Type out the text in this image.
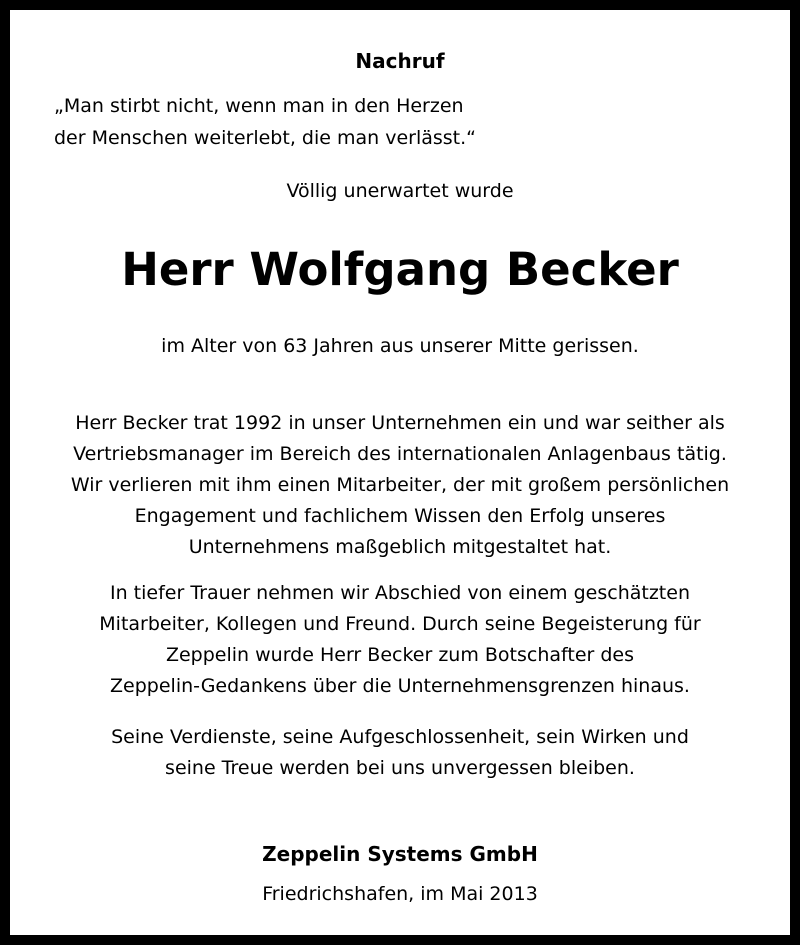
Nachruf
„Man stirbt nicht, wenn man in den Herzen
der Menschen weiterlebt, die man verlässt.“
Völlig unerwartet wurde
Herr Wolfgang Becker
im Alter von 63 Jahren aus unserer Mitte gerissen.
Herr Becker trat 1992 in unser Unternehmen ein und war seither als
Vertriebsmanager im Bereich des internationalen Anlagenbaus tätig.
Wir verlieren mit ihm einen Mitarbeiter, der mit großem persönlichen
Engagement und fachlichem Wissen den Erfolg unseres
Unternehmens maßgeblich mitgestaltet hat.
In tiefer Trauer nehmen wir Abschied von einem geschätzten
Mitarbeiter, Kollegen und Freund. Durch seine Begeisterung für
Zeppelin wurde Herr Becker zum Botschafter des
Zeppelin-Gedankens über die Unternehmensgrenzen hinaus.
Seine Verdienste, seine Aufgeschlossenheit, sein Wirken und
seine Treue werden bei uns unvergessen bleiben.
Zeppelin Systems GmbH
Friedrichshafen, im Mai 2013
